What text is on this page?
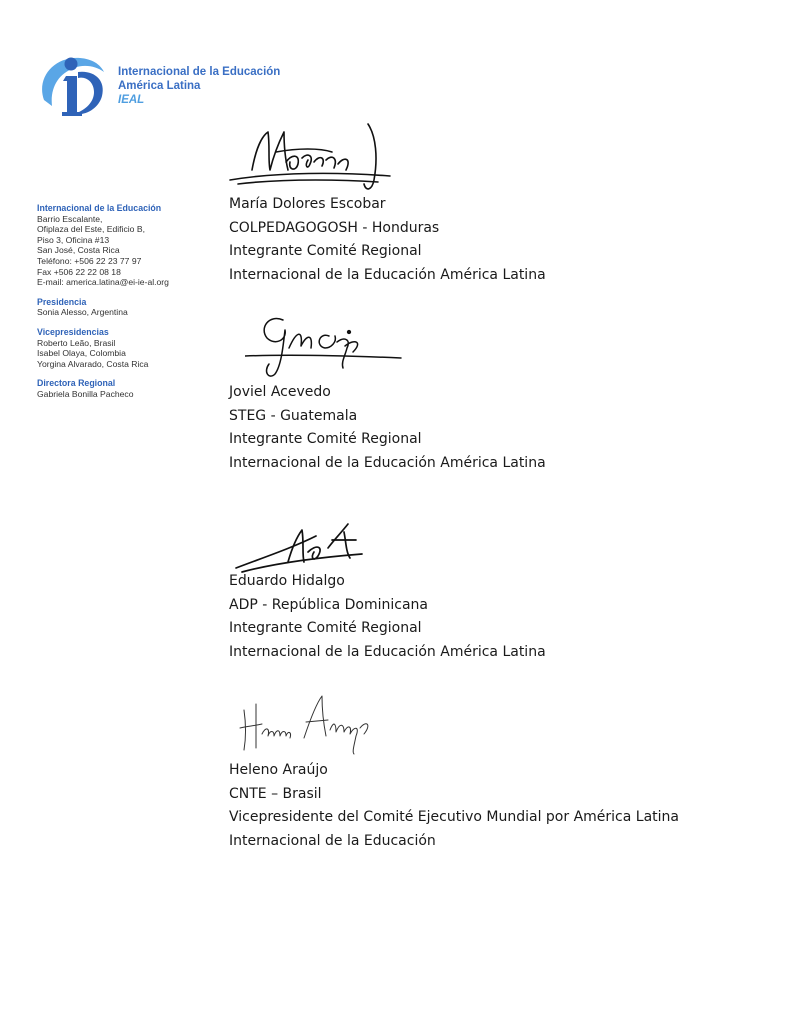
Internacional de la Educación
América Latina
IEAL
Internacional de la Educación
Barrio Escalante,
Ofiplaza del Este, Edificio B,
Piso 3, Oficina #13
San José, Costa Rica
Teléfono: +506 22 23 77 97
Fax +506 22 22 08 18
E-mail: america.latina@ei-ie-al.org
Presidencia
Sonia Alesso, Argentina
Vicepresidencias
Roberto Leão, Brasil
Isabel Olaya, Colombia
Yorgina Alvarado, Costa Rica
Directora Regional
Gabriela Bonilla Pacheco
María Dolores Escobar
COLPEDAGOGOSH - Honduras
Integrante Comité Regional
Internacional de la Educación América Latina
Joviel Acevedo
STEG - Guatemala
Integrante Comité Regional
Internacional de la Educación América Latina
Eduardo Hidalgo
ADP - República Dominicana
Integrante Comité Regional
Internacional de la Educación América Latina
Heleno Araújo
CNTE – Brasil
Vicepresidente del Comité Ejecutivo Mundial por América Latina
Internacional de la Educación
